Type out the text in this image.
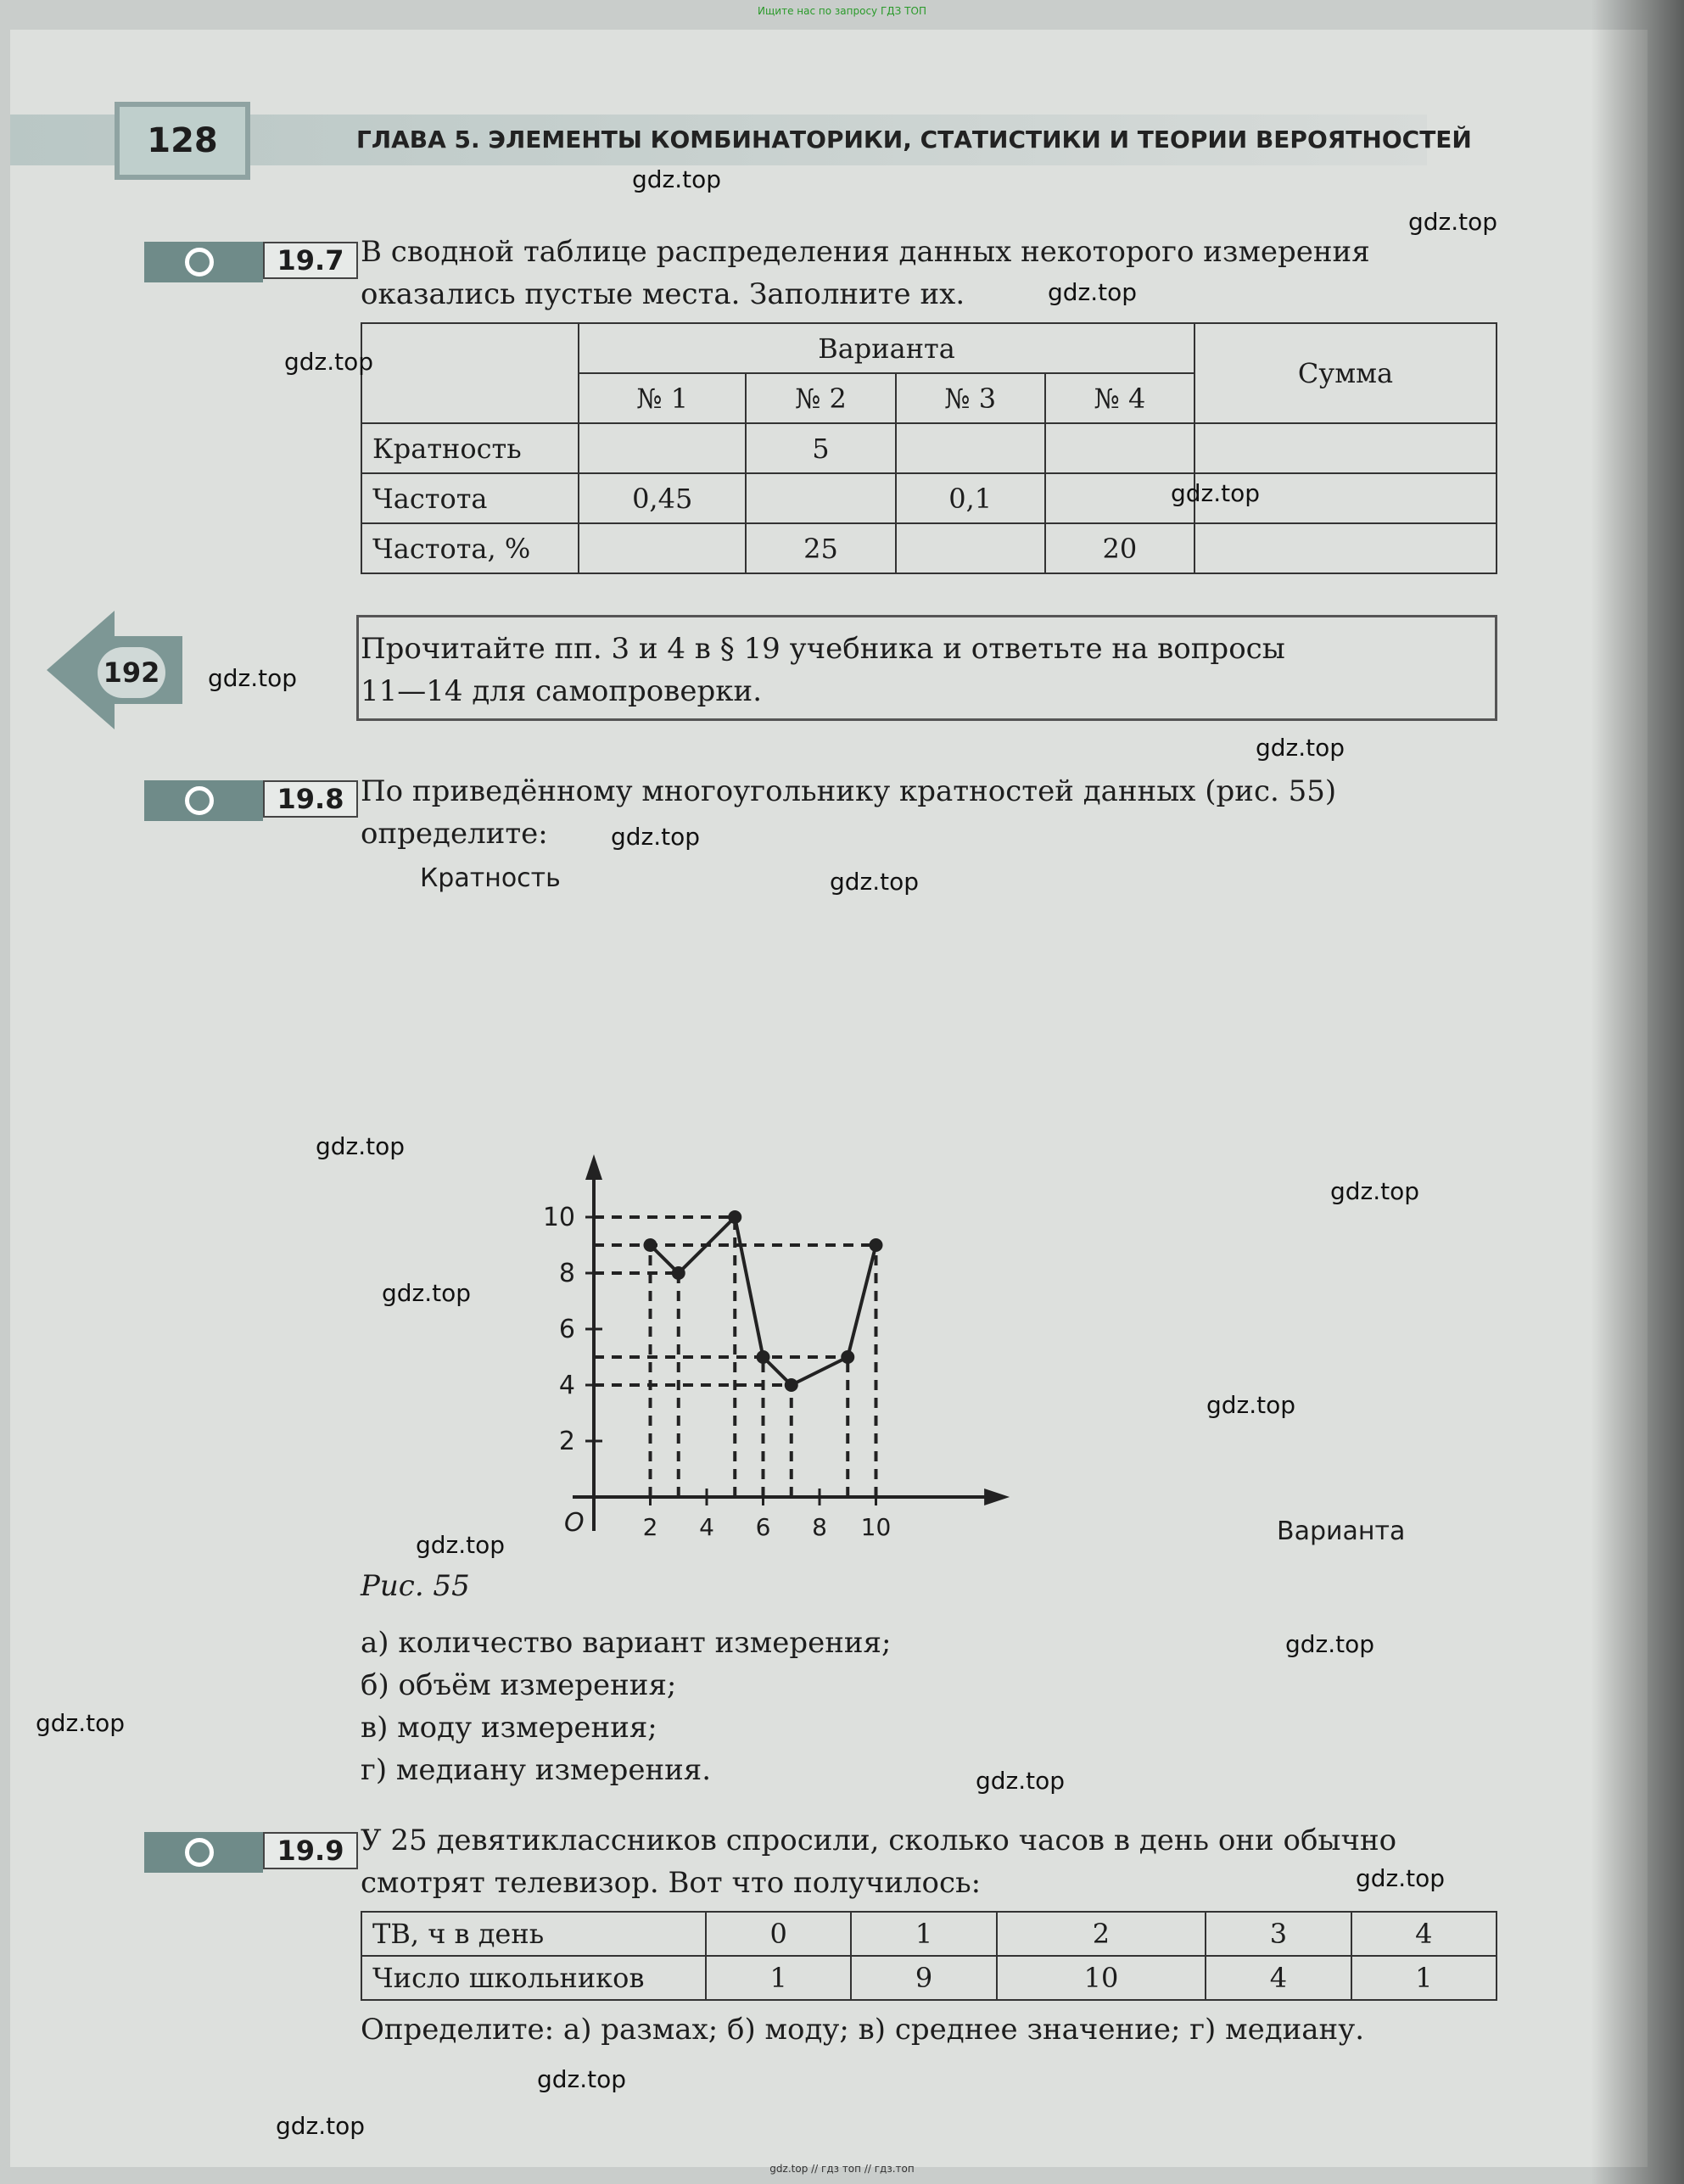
Ищите нас по запросу ГДЗ ТОП
128	ГЛАВА 5. ЭЛЕМЕНТЫ КОМБИНАТОРИКИ, СТАТИСТИКИ И ТЕОРИИ ВЕРОЯТНОСТЕЙ
19.7 В сводной таблице распределения данных некоторого измерения
оказались пустые места. Заполните их.
	Варианта				Сумма
	№ 1	№ 2	№ 3	№ 4	
Кратность		5			
Частота	0,45		0,1		
Частота, %		25		20	
192
Прочитайте пп. 3 и 4 в § 19 учебника и ответьте на вопросы
11—14 для самопроверки.
19.8 По приведённому многоугольнику кратностей данных (рис. 55)
определите:
2 4 6 8 10
2
4
6
8
10
Кратность
Варианта
O
Рис. 55
а) количество вариант измерения;
б) объём измерения;
в) моду измерения;
г) медиану измерения.
19.9 У 25 девятиклассников спросили, сколько часов в день они обычно
смотрят телевизор. Вот что получилось:
ТВ, ч в день	0	1	2	3	4
Число школьников	1	9	10	4	1
Определите: а) размах; б) моду; в) среднее значение; г) медиану.
gdz.top
gdz.top
gdz.top
gdz.top
gdz.top
gdz.top
gdz.top
gdz.top
gdz.top
gdz.top
gdz.top
gdz.top
gdz.top
gdz.top
gdz.top
gdz.top
gdz.top
gdz.top
gdz.top
gdz.top
gdz.top // гдз топ // гдз.топ
